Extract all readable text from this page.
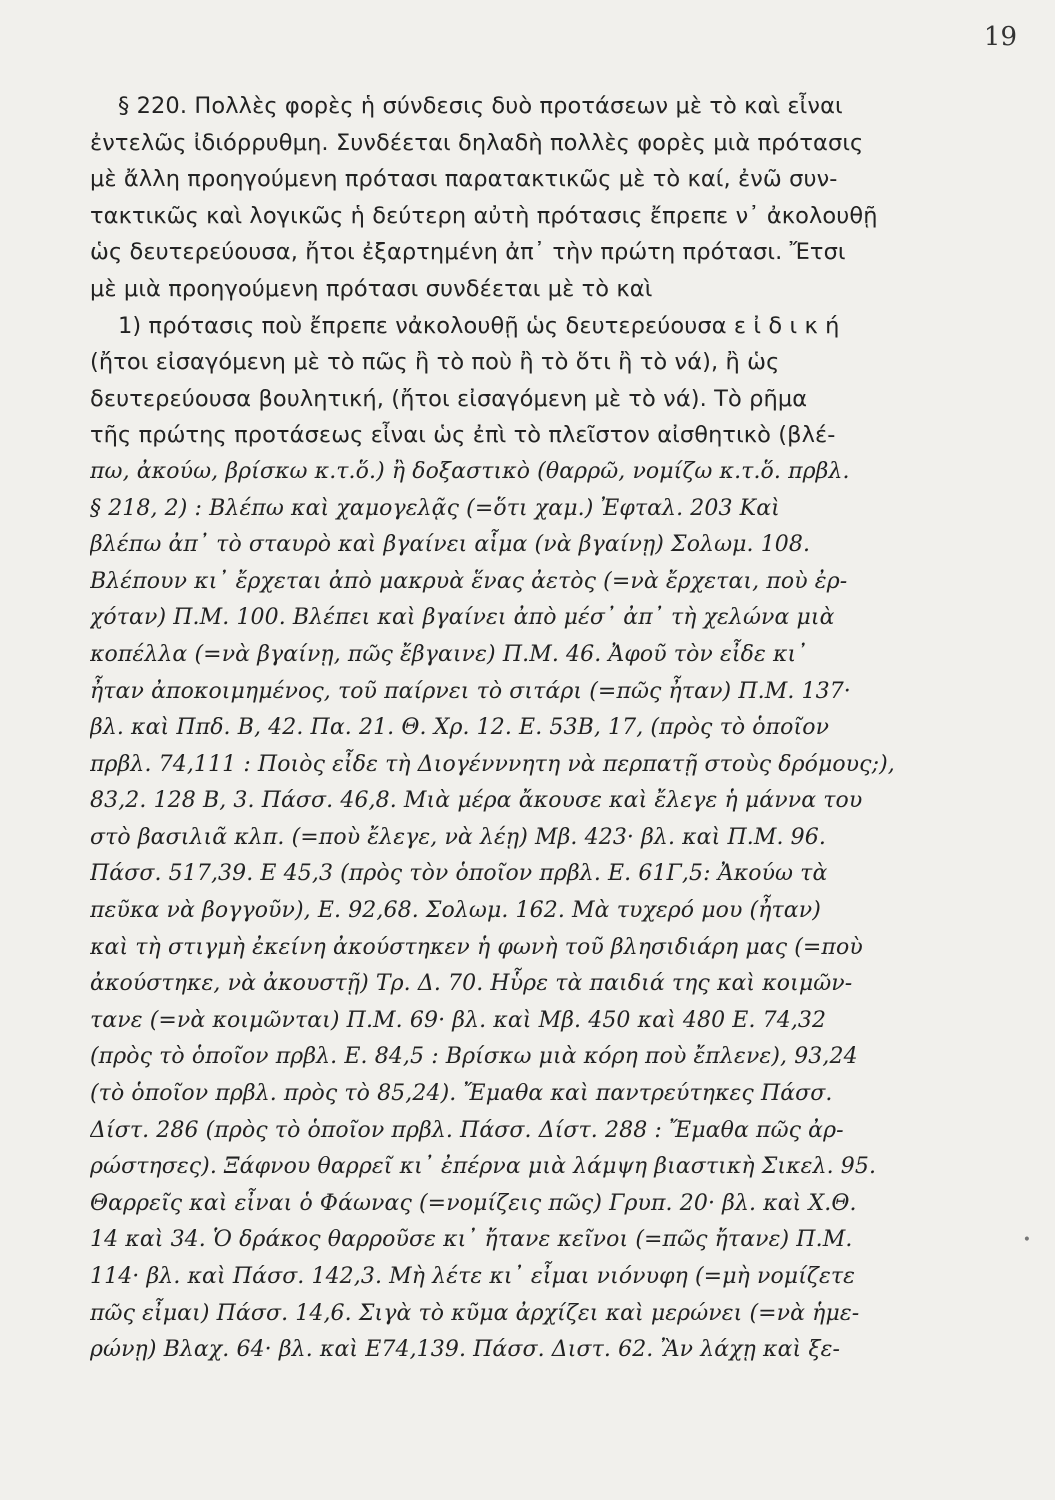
19
§ 220. Πολλὲς φορὲς ἡ σύνδεσις δυὸ προτάσεων μὲ τὸ καὶ εἶναι
ἐντελῶς ἰδιόρρυθμη. Συνδέεται δηλαδὴ πολλὲς φορὲς μιὰ πρότασις
μὲ ἄλλη προηγούμενη πρότασι παρατακτικῶς μὲ τὸ καί, ἐνῶ συν-
τακτικῶς καὶ λογικῶς ἡ δεύτερη αὐτὴ πρότασις ἔπρεπε ν᾽ ἀκολουθῇ
ὡς δευτερεύουσα, ἤτοι ἐξαρτημένη ἀπ᾽ τὴν πρώτη πρότασι. Ἔτσι
μὲ μιὰ προηγούμενη πρότασι συνδέεται μὲ τὸ καὶ
1) πρότασις ποὺ ἔπρεπε νἀκολουθῇ ὡς δευτερεύουσα ε ἰ δ ι κ ή
(ἤτοι εἰσαγόμενη μὲ τὸ πῶς ἢ τὸ ποὺ ἢ τὸ ὅτι ἢ τὸ νά), ἢ ὡς
δευτερεύουσα βουλητική, (ἤτοι εἰσαγόμενη μὲ τὸ νά). Τὸ ρῆμα
τῆς πρώτης προτάσεως εἶναι ὡς ἐπὶ τὸ πλεῖστον αἰσθητικὸ (βλέ-
πω, ἀκούω, βρίσκω κ.τ.ὅ.) ἢ δοξαστικὸ (θαρρῶ, νομίζω κ.τ.ὅ. πρβλ.
§ 218, 2) : Βλέπω καὶ χαμογελᾷς (=ὅτι χαμ.) Ἐφταλ. 203 Καὶ
βλέπω ἀπ᾽ τὸ σταυρὸ καὶ βγαίνει αἷμα (νὰ βγαίνῃ) Σολωμ. 108.
Βλέπουν κι᾽ ἔρχεται ἀπὸ μακρυὰ ἕνας ἀετὸς (=νὰ ἔρχεται, ποὺ ἐρ-
χόταν) Π.Μ. 100. Βλέπει καὶ βγαίνει ἀπὸ μέσ᾽ ἀπ᾽ τὴ χελώνα μιὰ
κοπέλλα (=νὰ βγαίνῃ, πῶς ἔβγαινε) Π.Μ. 46. Ἀφοῦ τὸν εἶδε κι᾽
ἦταν ἀποκοιμημένος, τοῦ παίρνει τὸ σιτάρι (=πῶς ἦταν) Π.Μ. 137·
βλ. καὶ Ππδ. Β, 42. Πα. 21. Θ. Χρ. 12. Ε. 53Β, 17, (πρὸς τὸ ὁποῖον
πρβλ. 74,111 : Ποιὸς εἶδε τὴ Διογένννητη νὰ περπατῇ στοὺς δρόμους;),
83,2. 128 Β, 3. Πάσσ. 46,8. Μιὰ μέρα ἄκουσε καὶ ἔλεγε ἡ μάννα του
στὸ βασιλιᾶ κλπ. (=ποὺ ἔλεγε, νὰ λέῃ) Μβ. 423· βλ. καὶ Π.Μ. 96.
Πάσσ. 517,39. Ε 45,3 (πρὸς τὸν ὁποῖον πρβλ. Ε. 61Γ,5: Ἀκούω τὰ
πεῦκα νὰ βογγοῦν), Ε. 92,68. Σολωμ. 162. Μὰ τυχερό μου (ἦταν)
καὶ τὴ στιγμὴ ἐκείνη ἀκούστηκεν ἡ φωνὴ τοῦ βλησιδιάρη μας (=ποὺ
ἀκούστηκε, νὰ ἀκουστῇ) Τρ. Δ. 70. Ηὗρε τὰ παιδιά της καὶ κοιμῶν-
τανε (=νὰ κοιμῶνται) Π.Μ. 69· βλ. καὶ Μβ. 450 καὶ 480 Ε. 74,32
(πρὸς τὸ ὁποῖον πρβλ. Ε. 84,5 : Βρίσκω μιὰ κόρη ποὺ ἔπλενε), 93,24
(τὸ ὁποῖον πρβλ. πρὸς τὸ 85,24). Ἔμαθα καὶ παντρεύτηκες Πάσσ.
Δίστ. 286 (πρὸς τὸ ὁποῖον πρβλ. Πάσσ. Δίστ. 288 : Ἔμαθα πῶς ἀρ-
ρώστησες). Ξάφνου θαρρεῖ κι᾽ ἐπέρνα μιὰ λάμψη βιαστικὴ Σικελ. 95.
Θαρρεῖς καὶ εἶναι ὁ Φάωνας (=νομίζεις πῶς) Γρυπ. 20· βλ. καὶ Χ.Θ.
14 καὶ 34. Ὁ δράκος θαρροῦσε κι᾽ ἤτανε κεῖνοι (=πῶς ἤτανε) Π.Μ.
114· βλ. καὶ Πάσσ. 142,3. Μὴ λέτε κι᾽ εἶμαι νιόνυφη (=μὴ νομίζετε
πῶς εἶμαι) Πάσσ. 14,6. Σιγὰ τὸ κῦμα ἀρχίζει καὶ μερώνει (=νὰ ἡμε-
ρώνῃ) Βλαχ. 64· βλ. καὶ Ε74,139. Πάσσ. Διστ. 62. Ἂν λάχῃ καὶ ξε-
•
